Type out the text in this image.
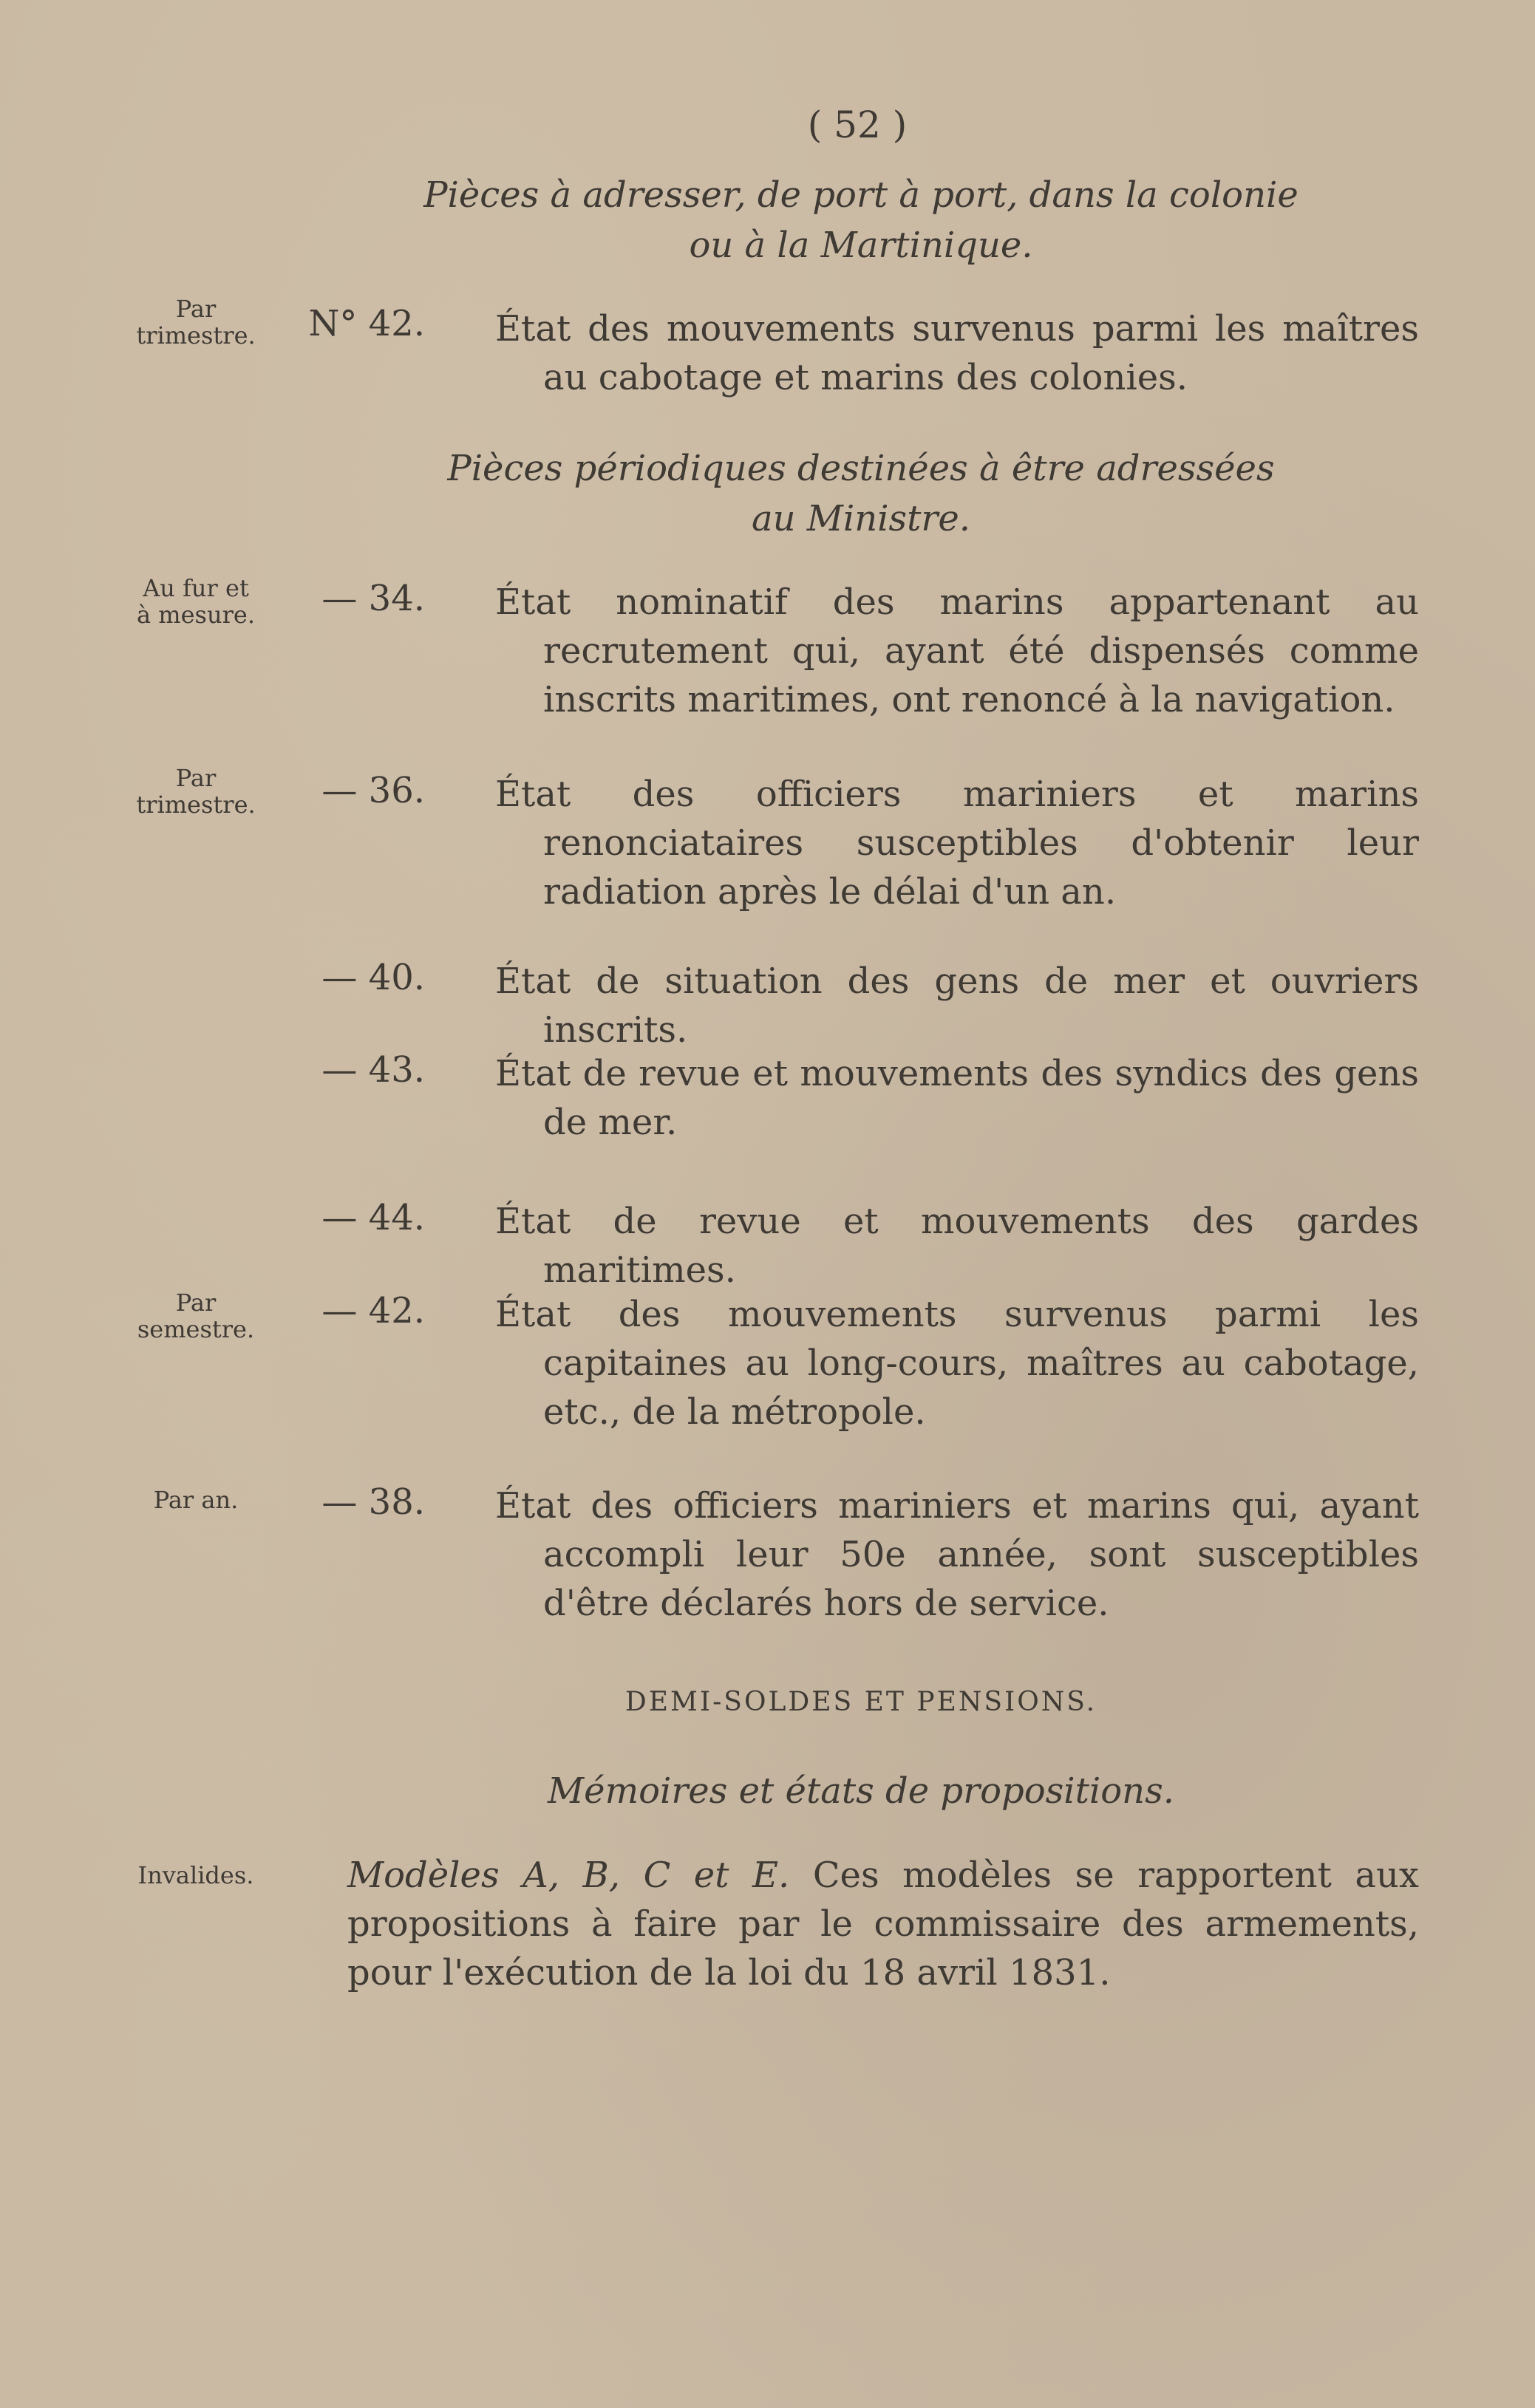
( 52 )
Pièces à adresser, de port à port, dans la colonie
ou à la Martinique.
Par trimestre.	N° 42. État des mouvements survenus parmi les maîtres au cabotage et marins des colonies.
Pièces périodiques destinées à être adressées
au Ministre.
Au fur et à mesure.	— 34. État nominatif des marins appartenant au recrutement qui, ayant été dispensés comme inscrits maritimes, ont renoncé à la navigation.
Par trimestre.	— 36. État des officiers mariniers et marins renonciataires susceptibles d'obtenir leur radiation après le délai d'un an.
— 40. État de situation des gens de mer et ouvriers inscrits.
— 43. État de revue et mouvements des syndics des gens de mer.
— 44. État de revue et mouvements des gardes maritimes.
Par semestre.	— 42. État des mouvements survenus parmi les capitaines au long-cours, maîtres au cabotage, etc., de la métropole.
Par an.	— 38. État des officiers mariniers et marins qui, ayant accompli leur 50e année, sont susceptibles d'être déclarés hors de service.
DEMI-SOLDES ET PENSIONS.
Mémoires et états de propositions.
Invalides.	Modèles A, B, C et E. Ces modèles se rapportent aux propositions à faire par le commissaire des armements, pour l'exécution de la loi du 18 avril 1831.
